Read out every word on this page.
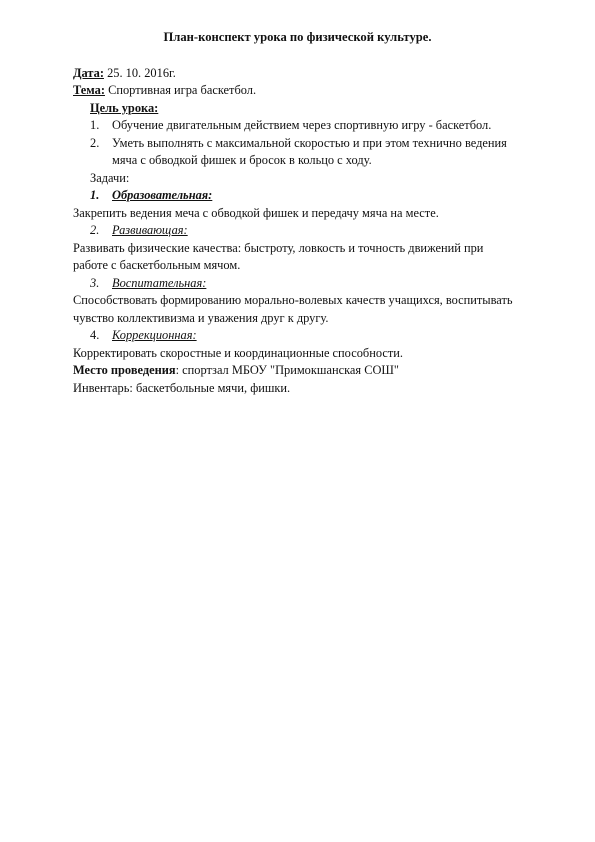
План-конспект урока по физической культуре.
Дата: 25. 10. 2016г.
Тема: Спортивная игра баскетбол.
Цель урока:
1. Обучение двигательным действием через спортивную игру - баскетбол.
2. Уметь выполнять с максимальной скоростью и при этом технично ведения
мяча с обводкой фишек и бросок в кольцо с ходу.
Задачи:
1. Образовательная:
Закрепить ведения меча с обводкой фишек и передачу мяча на месте.
2. Развивающая:
Развивать физические качества: быстроту, ловкость и точность движений при
работе с баскетбольным мячом.
3. Воспитательная:
Способствовать формированию морально-волевых качеств учащихся, воспитывать
чувство коллективизма и уважения друг к другу.
4. Коррекционная:
Корректировать скоростные и координационные способности.
Место проведения: спортзал МБОУ "Примокшанская СОШ"
Инвентарь: баскетбольные мячи, фишки.
